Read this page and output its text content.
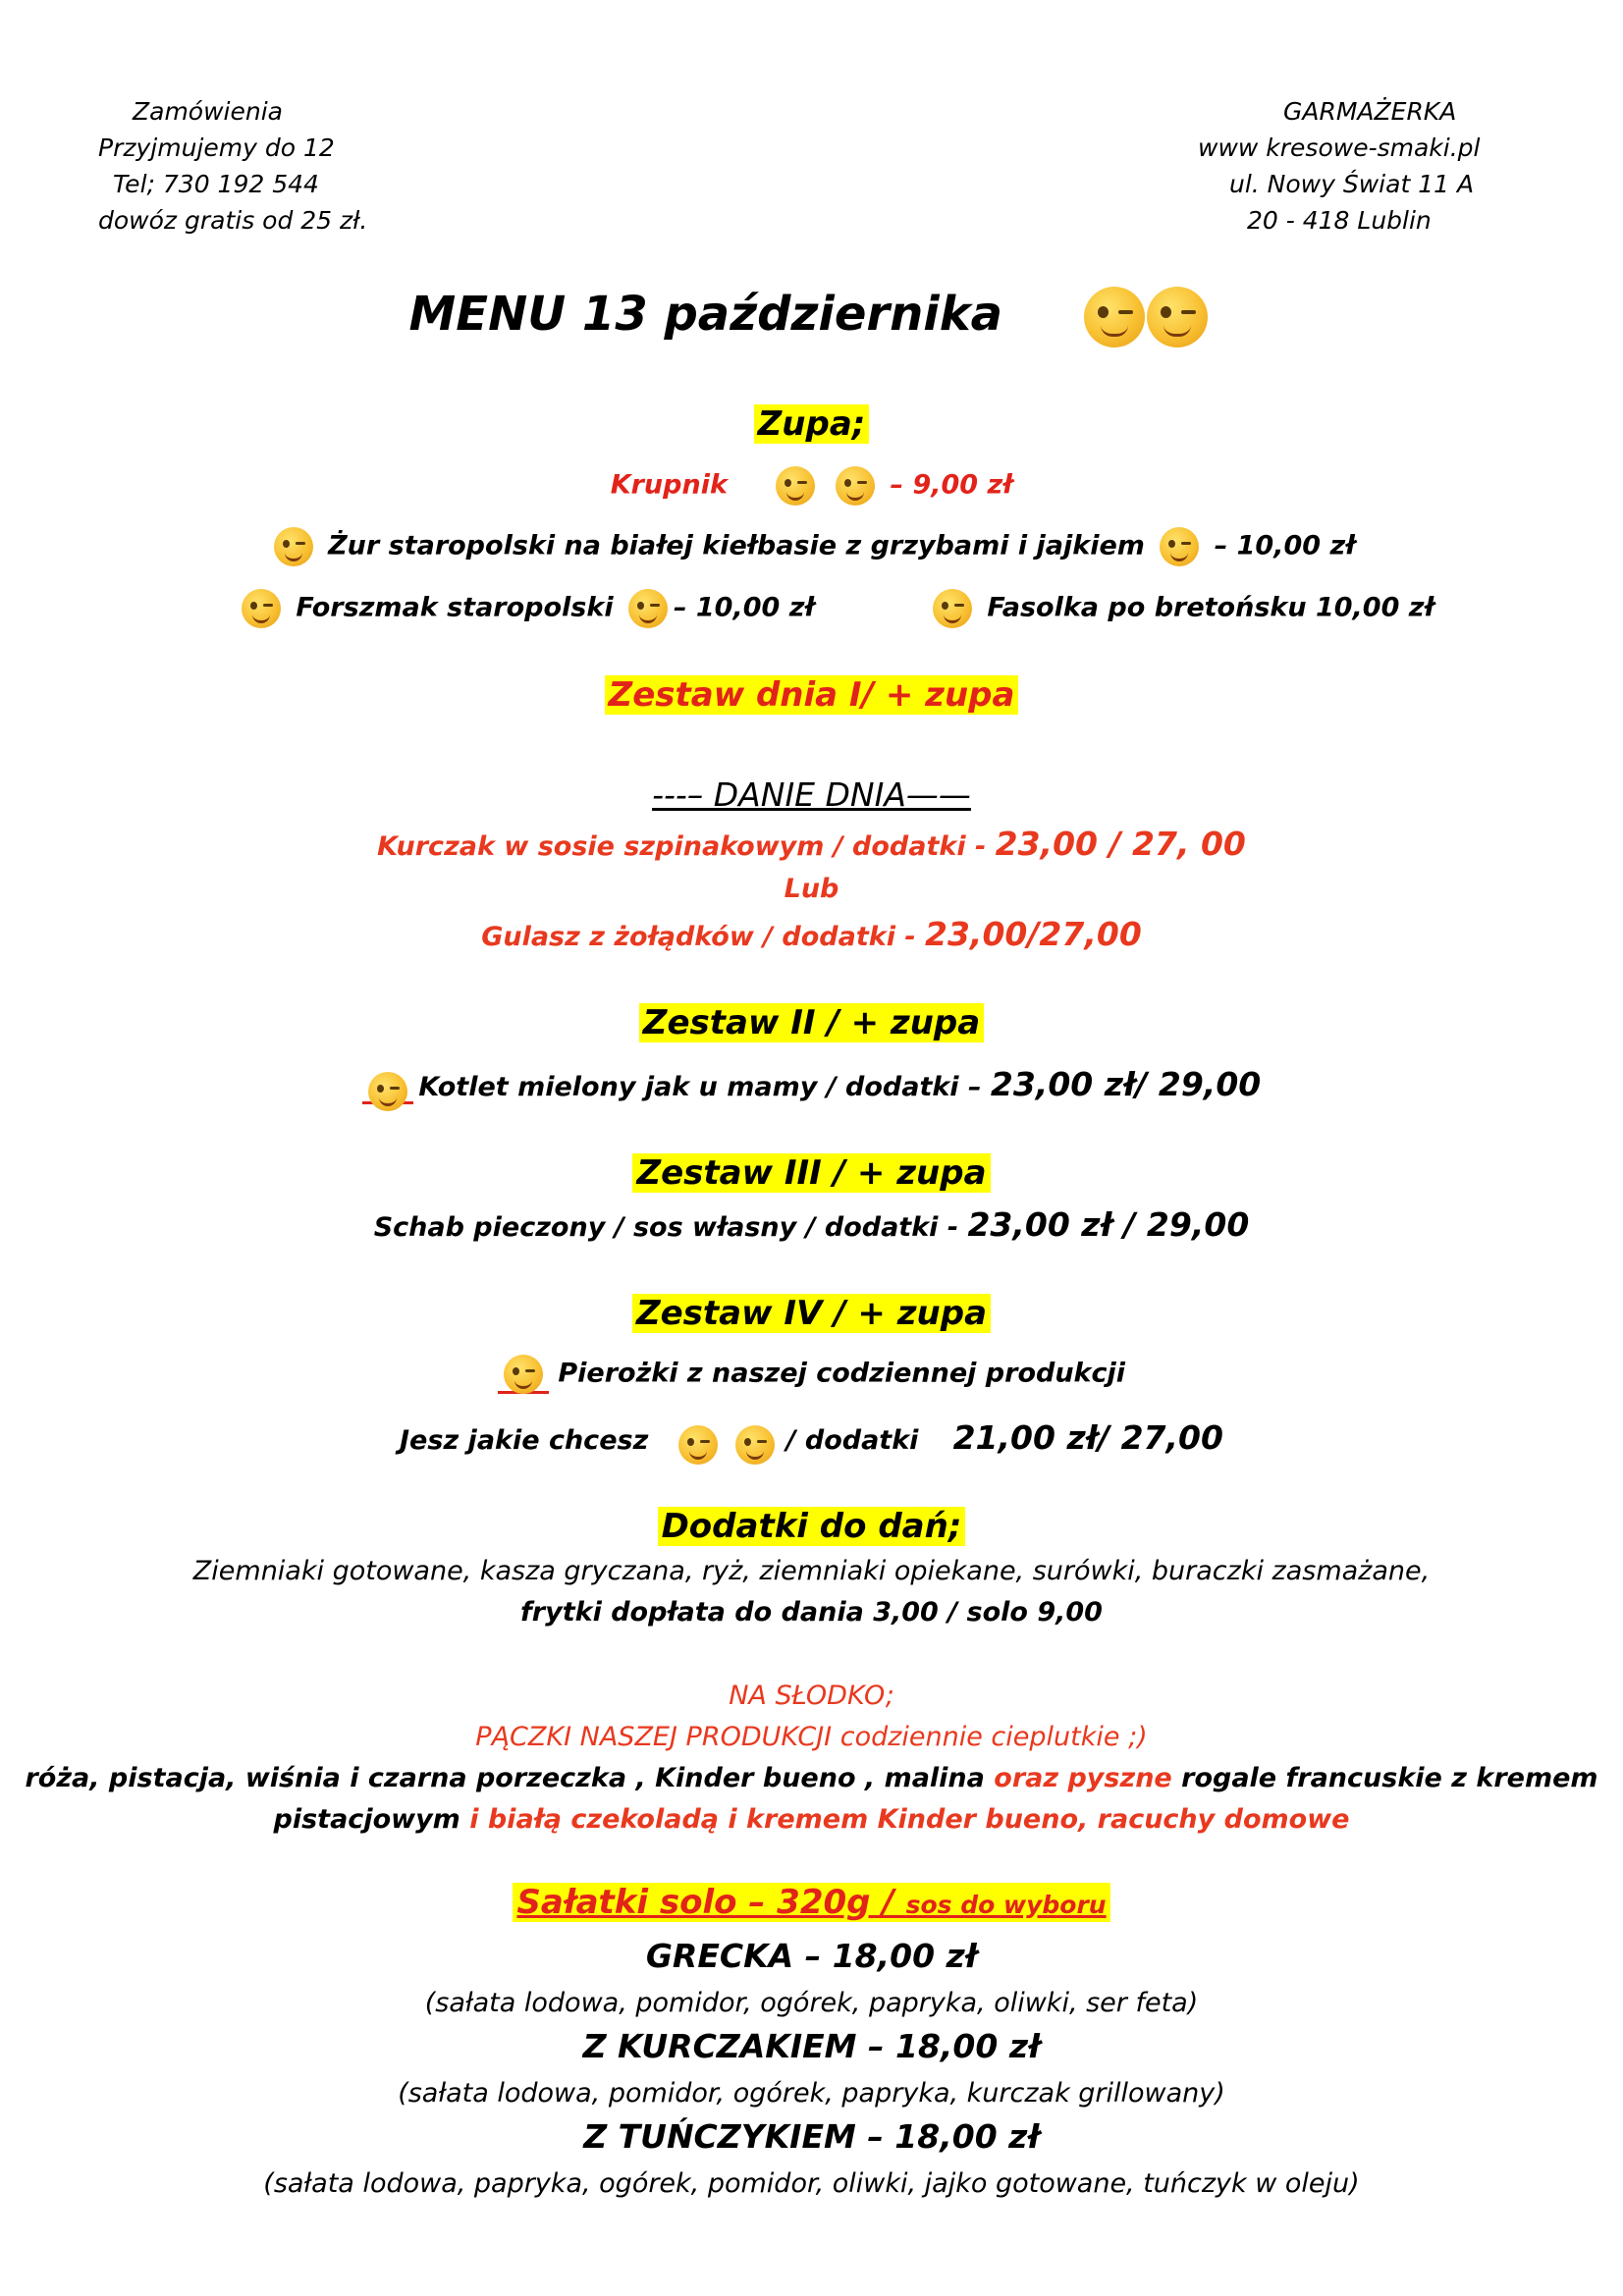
Zamówienia
Przyjmujemy do 12
Tel; 730 192 544
dowóz gratis od 25 zł.
GARMAŻERKA
www kresowe-smaki.pl
ul. Nowy Świat 11 A
20 - 418 Lublin
MENU 13 października
Zupa;
Krupnik
	– 9,00 zł
Żur staropolski na białej kiełbasie z grzybami i jajkiem	– 10,00 zł
Forszmak staropolski – 10,00 zł	Fasolka po bretońsku 10,00 zł
Zestaw dnia I/ + zupa
---– DANIE DNIA——
Kurczak w sosie szpinakowym / dodatki - 23,00 / 27, 00
Lub
Gulasz z żołądków / dodatki - 23,00/27,00
Zestaw II / + zupa
Kotlet mielony jak u mamy / dodatki – 23,00 zł/ 29,00
Zestaw III / + zupa
Schab pieczony / sos własny / dodatki - 23,00 zł / 29,00
Zestaw IV / + zupa
Pierożki z naszej codziennej produkcji
Jesz jakie chcesz
	/ dodatki 21,00 zł/ 27,00
Dodatki do dań;
Ziemniaki gotowane, kasza gryczana, ryż, ziemniaki opiekane, surówki, buraczki zasmażane,
frytki dopłata do dania 3,00 / solo 9,00
NA SŁODKO;
PĄCZKI NASZEJ PRODUKCJI codziennie cieplutkie ;)
róża, pistacja, wiśnia i czarna porzeczka , Kinder bueno , malina oraz pyszne rogale francuskie z kremem
pistacjowym i białą czekoladą i kremem Kinder bueno, racuchy domowe
Sałatki solo – 320g / sos do wyboru
GRECKA – 18,00 zł
(sałata lodowa, pomidor, ogórek, papryka, oliwki, ser feta)
Z KURCZAKIEM – 18,00 zł
(sałata lodowa, pomidor, ogórek, papryka, kurczak grillowany)
Z TUŃCZYKIEM – 18,00 zł
(sałata lodowa, papryka, ogórek, pomidor, oliwki, jajko gotowane, tuńczyk w oleju)
